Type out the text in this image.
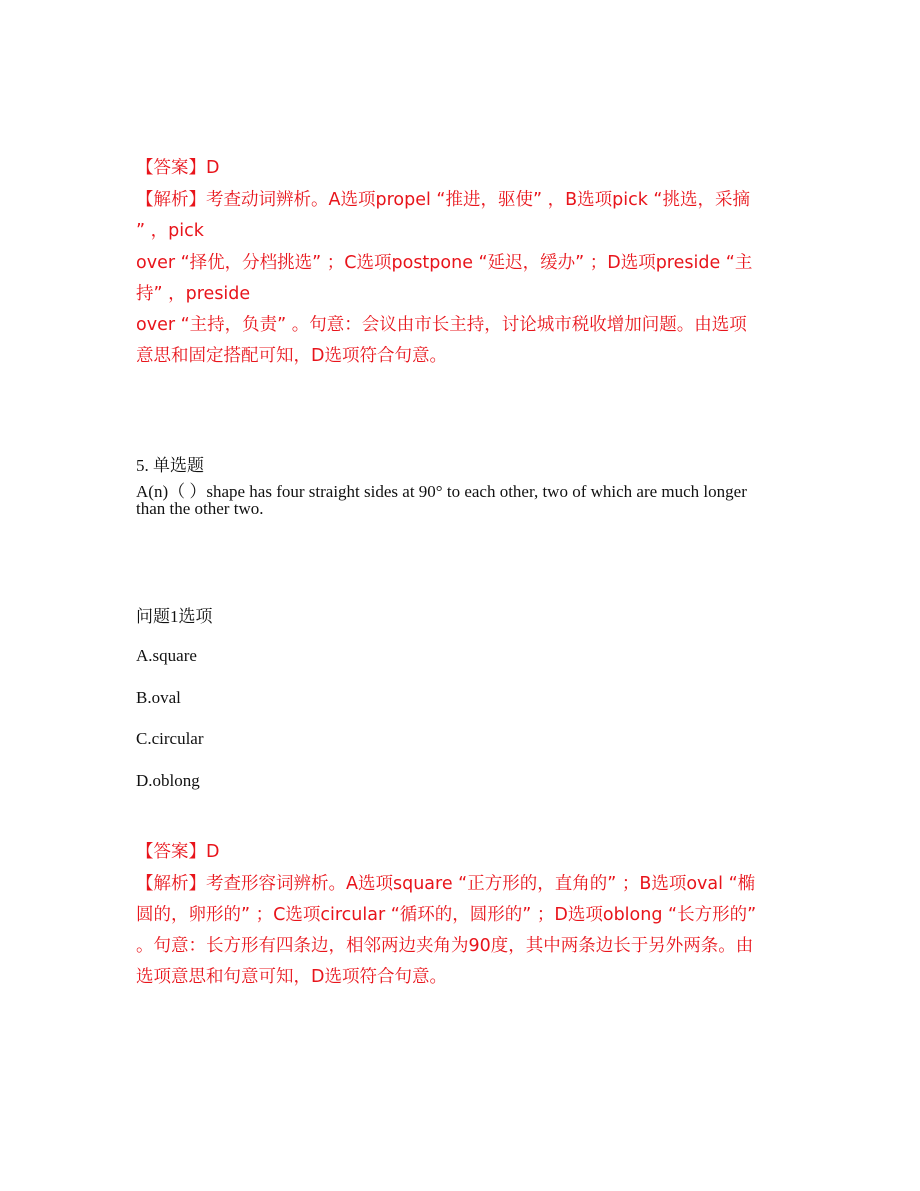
【答案】D
【解析】考查动词辨析。A选项propel “推进，驱使” ，B选项pick “挑选，采摘
” ，pick
over “择优，分档挑选” ；C选项postpone “延迟，缓办” ；D选项preside “主
持” ，preside
over “主持，负责” 。句意：会议由市长主持，讨论城市税收增加问题。由选项
意思和固定搭配可知，D选项符合句意。
5. 单选题
A(n)（ ）shape has four straight sides at 90° to each other, two of which are much longer
than the other two.
问题1选项
A.square
B.oval
C.circular
D.oblong
【答案】D
【解析】考查形容词辨析。A选项square “正方形的，直角的” ；B选项oval “椭
圆的，卵形的” ；C选项circular “循环的，圆形的” ；D选项oblong “长方形的”
。句意：长方形有四条边，相邻两边夹角为90度，其中两条边长于另外两条。由
选项意思和句意可知，D选项符合句意。
